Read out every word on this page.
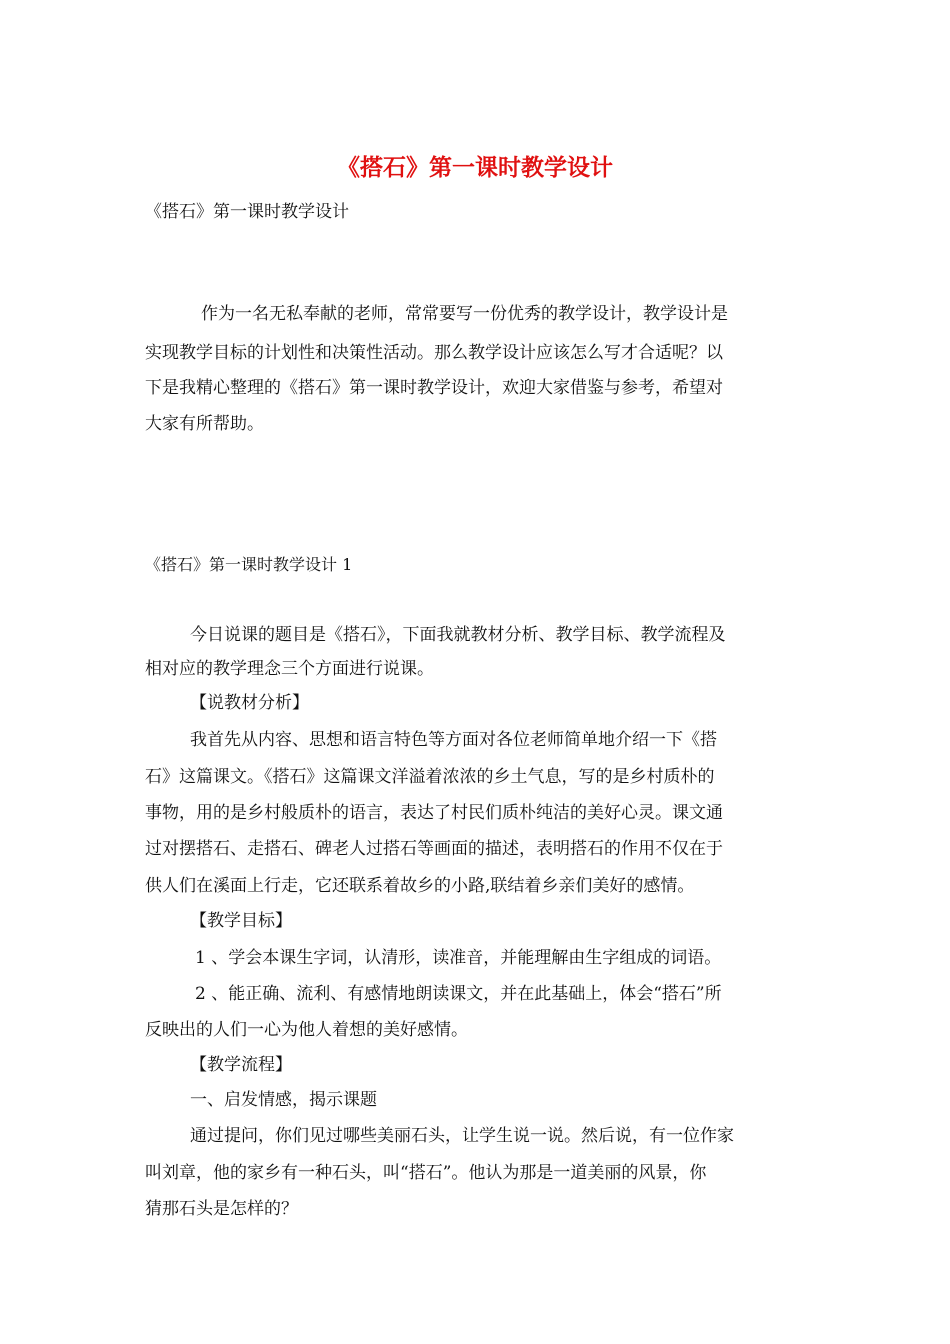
《搭石》第一课时教学设计
《搭石》第一课时教学设计
作为一名无私奉献的老师，常常要写一份优秀的教学设计，教学设计是
实现教学目标的计划性和决策性活动。那么教学设计应该怎么写才合适呢？以
下是我精心整理的《搭石》第一课时教学设计，欢迎大家借鉴与参考，希望对
大家有所帮助。
《搭石》第一课时教学设计 1
今日说课的题目是《搭石》，下面我就教材分析、教学目标、教学流程及
相对应的教学理念三个方面进行说课。
【说教材分析】
我首先从内容、思想和语言特色等方面对各位老师简单地介绍一下《搭
石》这篇课文。《搭石》这篇课文洋溢着浓浓的乡土气息，写的是乡村质朴的
事物，用的是乡村般质朴的语言，表达了村民们质朴纯洁的美好心灵。课文通
过对摆搭石、走搭石、碑老人过搭石等画面的描述，表明搭石的作用不仅在于
供人们在溪面上行走，它还联系着故乡的小路,联结着乡亲们美好的感情。
【教学目标】
1 、学会本课生字词，认清形，读准音，并能理解由生字组成的词语。
2 、能正确、流利、有感情地朗读课文，并在此基础上，体会“搭石”所
反映出的人们一心为他人着想的美好感情。
【教学流程】
一、启发情感，揭示课题
通过提问，你们见过哪些美丽石头，让学生说一说。然后说，有一位作家
叫刘章，他的家乡有一种石头，叫“搭石”。他认为那是一道美丽的风景，你
猜那石头是怎样的？
